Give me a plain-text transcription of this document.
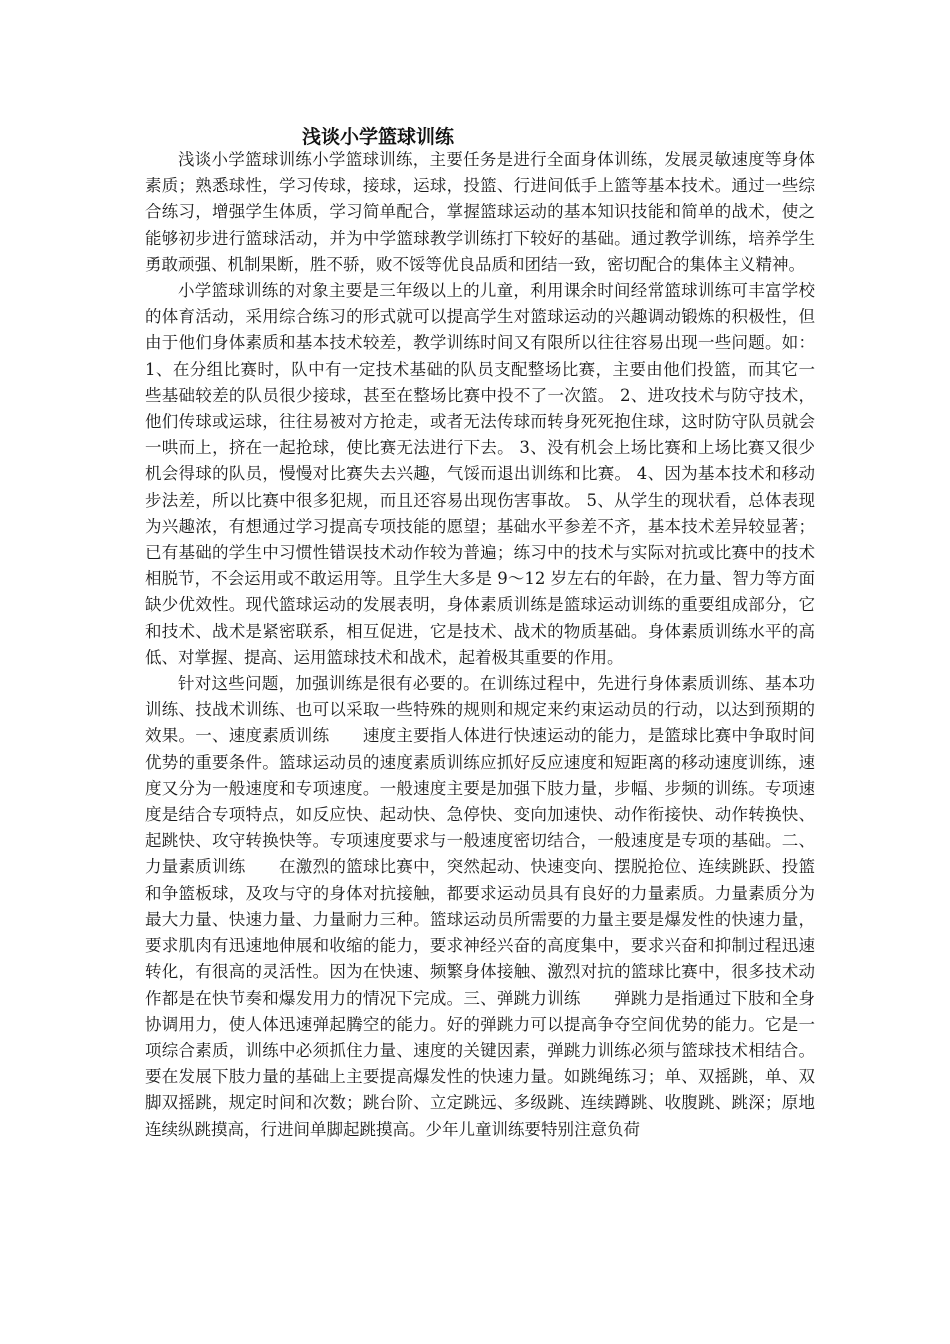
浅谈小学篮球训练

浅谈小学篮球训练小学篮球训练，主要任务是进行全面身体训练，发展灵敏速度等身体素质；熟悉球性，学习传球，接球，运球，投篮、行进间低手上篮等基本技术。通过一些综合练习，增强学生体质，学习简单配合，掌握篮球运动的基本知识技能和简单的战术，使之能够初步进行篮球活动，并为中学篮球教学训练打下较好的基础。通过教学训练，培养学生勇敢顽强、机制果断，胜不骄，败不馁等优良品质和团结一致，密切配合的集体主义精神。

小学篮球训练的对象主要是三年级以上的儿童，利用课余时间经常篮球训练可丰富学校的体育活动，采用综合练习的形式就可以提高学生对篮球运动的兴趣调动锻炼的积极性，但由于他们身体素质和基本技术较差，教学训练时间又有限所以往往容易出现一些问题。如： 1、在分组比赛时，队中有一定技术基础的队员支配整场比赛，主要由他们投篮，而其它一些基础较差的队员很少接球，甚至在整场比赛中投不了一次篮。 2、进攻技术与防守技术，他们传球或运球，往往易被对方抢走，或者无法传球而转身死死抱住球，这时防守队员就会一哄而上，挤在一起抢球，使比赛无法进行下去。 3、没有机会上场比赛和上场比赛又很少机会得球的队员，慢慢对比赛失去兴趣，气馁而退出训练和比赛。 4、因为基本技术和移动步法差，所以比赛中很多犯规，而且还容易出现伤害事故。 5、从学生的现状看，总体表现为兴趣浓，有想通过学习提高专项技能的愿望；基础水平参差不齐，基本技术差异较显著；已有基础的学生中习惯性错误技术动作较为普遍；练习中的技术与实际对抗或比赛中的技术相脱节，不会运用或不敢运用等。且学生大多是 9～12 岁左右的年龄，在力量、智力等方面缺少优效性。现代篮球运动的发展表明，身体素质训练是篮球运动训练的重要组成部分，它和技术、战术是紧密联系，相互促进，它是技术、战术的物质基础。身体素质训练水平的高低、对掌握、提高、运用篮球技术和战术，起着极其重要的作用。

针对这些问题，加强训练是很有必要的。在训练过程中，先进行身体素质训练、基本功训练、技战术训练、也可以采取一些特殊的规则和规定来约束运动员的行动，以达到预期的效果。一、速度素质训练　　速度主要指人体进行快速运动的能力，是篮球比赛中争取时间优势的重要条件。篮球运动员的速度素质训练应抓好反应速度和短距离的移动速度训练，速度又分为一般速度和专项速度。一般速度主要是加强下肢力量，步幅、步频的训练。专项速度是结合专项特点，如反应快、起动快、急停快、变向加速快、动作衔接快、动作转换快、起跳快、攻守转换快等。专项速度要求与一般速度密切结合，一般速度是专项的基础。二、力量素质训练　　在激烈的篮球比赛中，突然起动、快速变向、摆脱抢位、连续跳跃、投篮和争篮板球，及攻与守的身体对抗接触，都要求运动员具有良好的力量素质。力量素质分为最大力量、快速力量、力量耐力三种。篮球运动员所需要的力量主要是爆发性的快速力量，要求肌肉有迅速地伸展和收缩的能力，要求神经兴奋的高度集中，要求兴奋和抑制过程迅速转化，有很高的灵活性。因为在快速、频繁身体接触、激烈对抗的篮球比赛中，很多技术动作都是在快节奏和爆发用力的情况下完成。三、弹跳力训练　　弹跳力是指通过下肢和全身协调用力，使人体迅速弹起腾空的能力。好的弹跳力可以提高争夺空间优势的能力。它是一项综合素质，训练中必须抓住力量、速度的关键因素，弹跳力训练必须与篮球技术相结合。要在发展下肢力量的基础上主要提高爆发性的快速力量。如跳绳练习；单、双摇跳，单、双脚双摇跳，规定时间和次数；跳台阶、立定跳远、多级跳、连续蹲跳、收腹跳、跳深；原地连续纵跳摸高，行进间单脚起跳摸高。少年儿童训练要特别注意负荷
